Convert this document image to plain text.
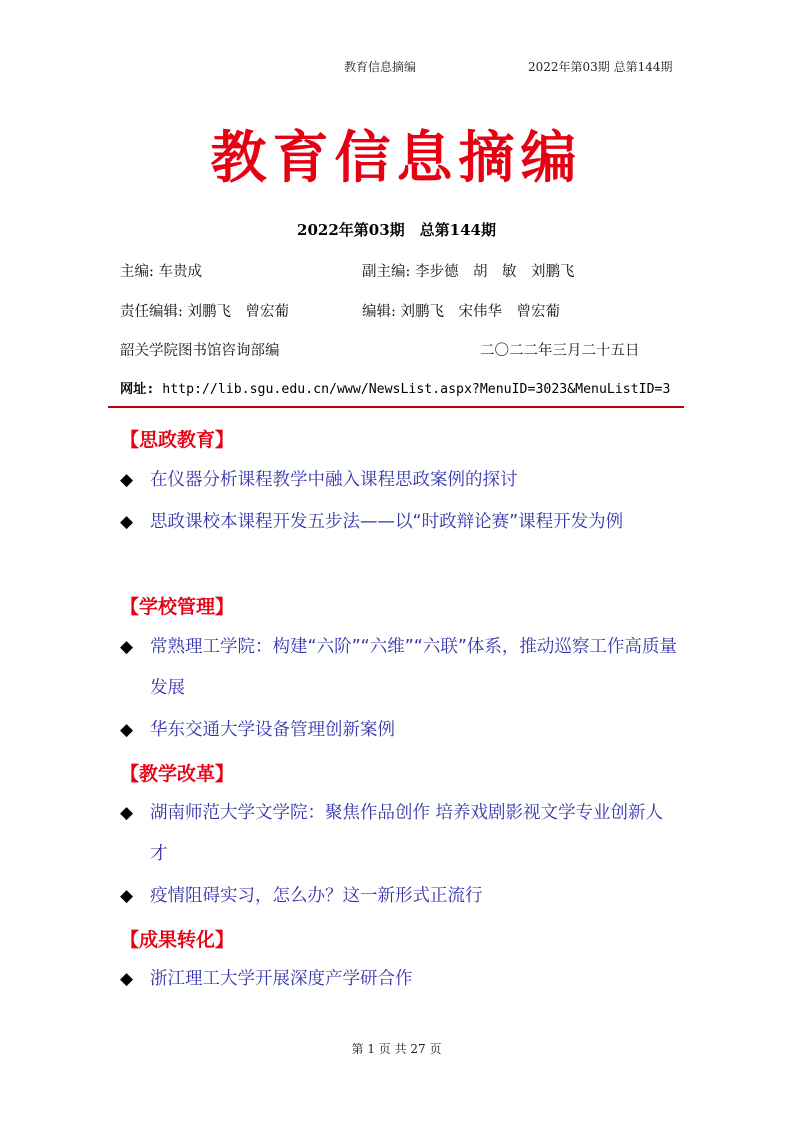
教育信息摘编	2022年第03期 总第144期
教育信息摘编
2022年第03期　总第144期
主编: 车贵成	副主编: 李步德　胡　敏　刘鹏飞
责任编辑: 刘鹏飞　曾宏葡	编辑: 刘鹏飞　宋伟华　曾宏葡
韶关学院图书馆咨询部编	二〇二二年三月二十五日
网址: http://lib.sgu.edu.cn/www/NewsList.aspx?MenuID=3023&MenuListID=3
【思政教育】
◆ 在仪器分析课程教学中融入课程思政案例的探讨
◆ 思政课校本课程开发五步法——以“时政辩论赛”课程开发为例
【学校管理】
◆ 常熟理工学院：构建“六阶”“六维”“六联”体系，推动巡察工作高质量发展
◆ 华东交通大学设备管理创新案例
【教学改革】
◆ 湖南师范大学文学院：聚焦作品创作 培养戏剧影视文学专业创新人才
◆ 疫情阻碍实习，怎么办？这一新形式正流行
【成果转化】
◆ 浙江理工大学开展深度产学研合作
第 1 页 共 27 页
